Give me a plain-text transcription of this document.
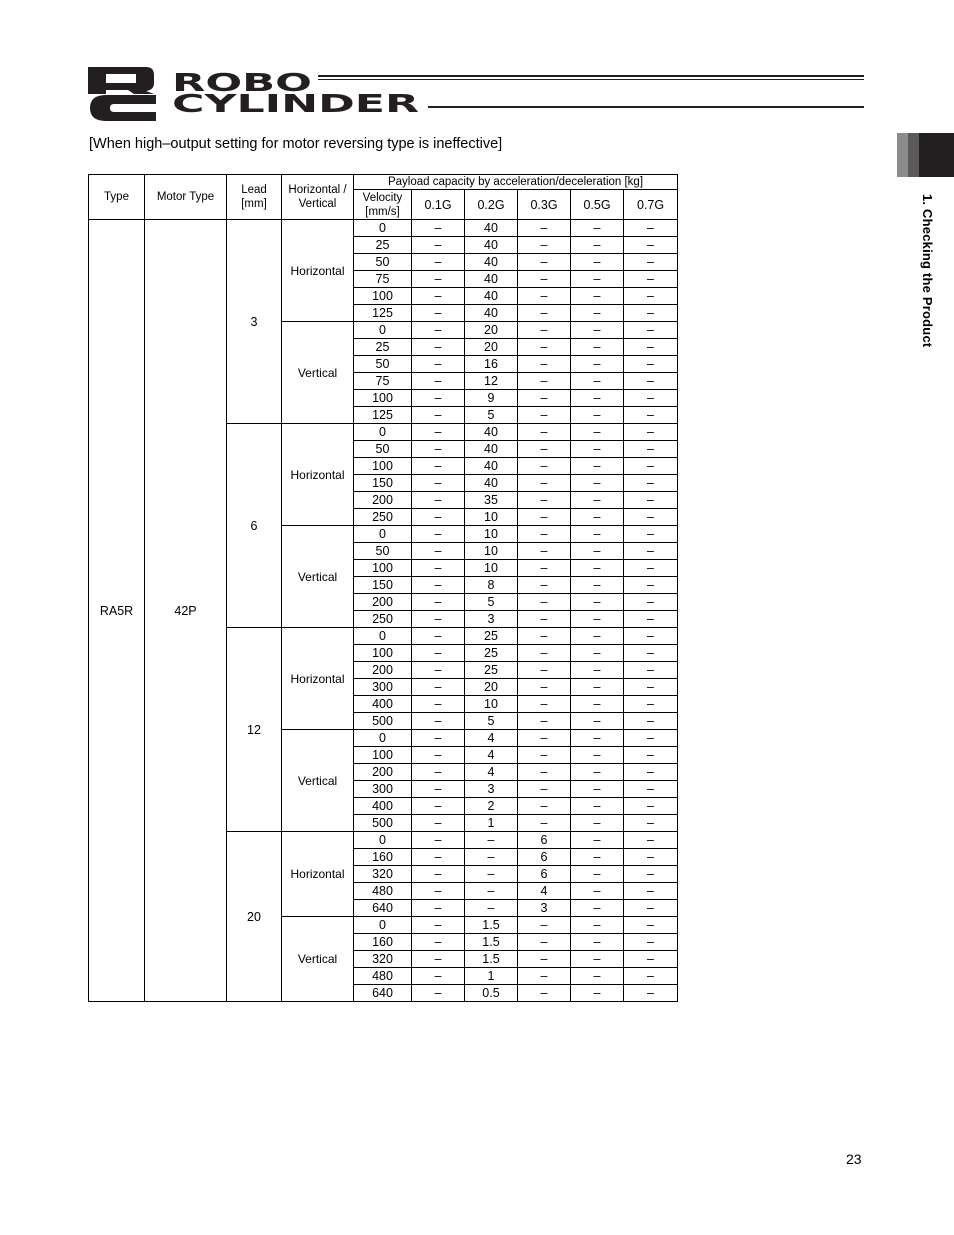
ROBO
CYLINDER
[When high–output setting for motor reversing type is ineffective]
1. Checking the Product
Type	Motor Type	Lead [mm]	Horizontal / Vertical	Payload capacity by acceleration/deceleration [kg]					
				Velocity [mm/s]	0.1G	0.2G	0.3G	0.5G	0.7G
RA5R	42P	3	Horizontal	0	–	40	–	–	–
				25	–	40	–	–	–
				50	–	40	–	–	–
				75	–	40	–	–	–
				100	–	40	–	–	–
				125	–	40	–	–	–
			Vertical	0	–	20	–	–	–
				25	–	20	–	–	–
				50	–	16	–	–	–
				75	–	12	–	–	–
				100	–	9	–	–	–
				125	–	5	–	–	–
		6	Horizontal	0	–	40	–	–	–
				50	–	40	–	–	–
				100	–	40	–	–	–
				150	–	40	–	–	–
				200	–	35	–	–	–
				250	–	10	–	–	–
			Vertical	0	–	10	–	–	–
				50	–	10	–	–	–
				100	–	10	–	–	–
				150	–	8	–	–	–
				200	–	5	–	–	–
				250	–	3	–	–	–
		12	Horizontal	0	–	25	–	–	–
				100	–	25	–	–	–
				200	–	25	–	–	–
				300	–	20	–	–	–
				400	–	10	–	–	–
				500	–	5	–	–	–
			Vertical	0	–	4	–	–	–
				100	–	4	–	–	–
				200	–	4	–	–	–
				300	–	3	–	–	–
				400	–	2	–	–	–
				500	–	1	–	–	–
		20	Horizontal	0	–	–	6	–	–
				160	–	–	6	–	–
				320	–	–	6	–	–
				480	–	–	4	–	–
				640	–	–	3	–	–
			Vertical	0	–	1.5	–	–	–
				160	–	1.5	–	–	–
				320	–	1.5	–	–	–
				480	–	1	–	–	–
				640	–	0.5	–	–	–
23
